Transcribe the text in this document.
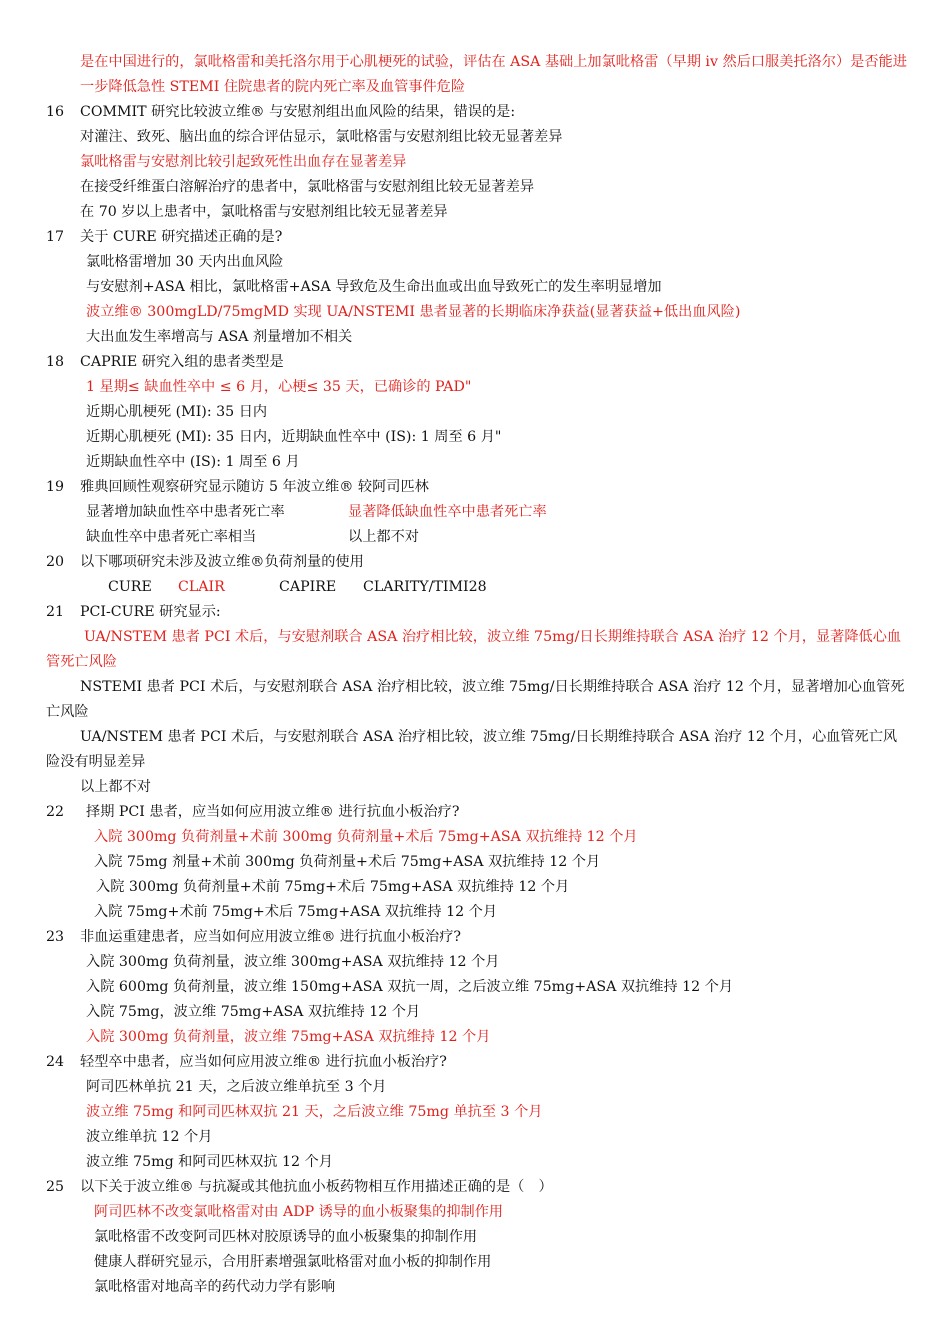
是在中国进行的，氯吡格雷和美托洛尔用于心肌梗死的试验，评估在 ASA 基础上加氯吡格雷（早期 iv 然后口服美托洛尔）是否能进一步降低急性 STEMI 住院患者的院内死亡率及血管事件危险

16	COMMIT 研究比较波立维® 与安慰剂组出血风险的结果，错误的是:

对灌注、致死、脑出血的综合评估显示，氯吡格雷与安慰剂组比较无显著差异

氯吡格雷与安慰剂比较引起致死性出血存在显著差异

在接受纤维蛋白溶解治疗的患者中，氯吡格雷与安慰剂组比较无显著差异

在 70 岁以上患者中，氯吡格雷与安慰剂组比较无显著差异

17	关于 CURE 研究描述正确的是?

氯吡格雷增加 30 天内出血风险

与安慰剂+ASA 相比，氯吡格雷+ASA 导致危及生命出血或出血导致死亡的发生率明显增加

波立维® 300mgLD/75mgMD 实现 UA/NSTEMI 患者显著的长期临床净获益(显著获益+低出血风险)

大出血发生率增高与 ASA 剂量增加不相关

18	CAPRIE 研究入组的患者类型是

1 星期≤ 缺血性卒中 ≤ 6 月，心梗≤ 35 天，已确诊的 PAD"

近期心肌梗死 (MI): 35 日内

近期心肌梗死 (MI): 35 日内，近期缺血性卒中 (IS): 1 周至 6 月"

近期缺血性卒中 (IS): 1 周至 6 月

19	雅典回顾性观察研究显示随访 5 年波立维® 较阿司匹林
显著增加缺血性卒中患者死亡率	显著降低缺血性卒中患者死亡率
缺血性卒中患者死亡率相当	以上都不对
20	以下哪项研究未涉及波立维®负荷剂量的使用
CURE	CLAIR	CAPIRE	CLARITY/TIMI28
21	PCI-CURE 研究显示:

UA/NSTEM 患者 PCI 术后，与安慰剂联合 ASA 治疗相比较，波立维 75mg/日长期维持联合 ASA 治疗 12 个月，显著降低心血管死亡风险

NSTEMI 患者 PCI 术后，与安慰剂联合 ASA 治疗相比较，波立维 75mg/日长期维持联合 ASA 治疗 12 个月，显著增加心血管死亡风险

UA/NSTEM 患者 PCI 术后，与安慰剂联合 ASA 治疗相比较，波立维 75mg/日长期维持联合 ASA 治疗 12 个月，心血管死亡风险没有明显差异

以上都不对

22	择期 PCI 患者，应当如何应用波立维® 进行抗血小板治疗?

入院 300mg 负荷剂量+术前 300mg 负荷剂量+术后 75mg+ASA 双抗维持 12 个月

入院 75mg 剂量+术前 300mg 负荷剂量+术后 75mg+ASA 双抗维持 12 个月

入院 300mg 负荷剂量+术前 75mg+术后 75mg+ASA 双抗维持 12 个月

入院 75mg+术前 75mg+术后 75mg+ASA 双抗维持 12 个月

23	非血运重建患者，应当如何应用波立维® 进行抗血小板治疗?

入院 300mg 负荷剂量，波立维 300mg+ASA 双抗维持 12 个月

入院 600mg 负荷剂量，波立维 150mg+ASA 双抗一周，之后波立维 75mg+ASA 双抗维持 12 个月

入院 75mg，波立维 75mg+ASA 双抗维持 12 个月

入院 300mg 负荷剂量，波立维 75mg+ASA 双抗维持 12 个月

24	轻型卒中患者，应当如何应用波立维® 进行抗血小板治疗?

阿司匹林单抗 21 天，之后波立维单抗至 3 个月

波立维 75mg 和阿司匹林双抗 21 天，之后波立维 75mg 单抗至 3 个月

波立维单抗 12 个月

波立维 75mg 和阿司匹林双抗 12 个月

25	以下关于波立维® 与抗凝或其他抗血小板药物相互作用描述正确的是（　）

阿司匹林不改变氯吡格雷对由 ADP 诱导的血小板聚集的抑制作用

氯吡格雷不改变阿司匹林对胶原诱导的血小板聚集的抑制作用

健康人群研究显示，合用肝素增强氯吡格雷对血小板的抑制作用

氯吡格雷对地高辛的药代动力学有影响
